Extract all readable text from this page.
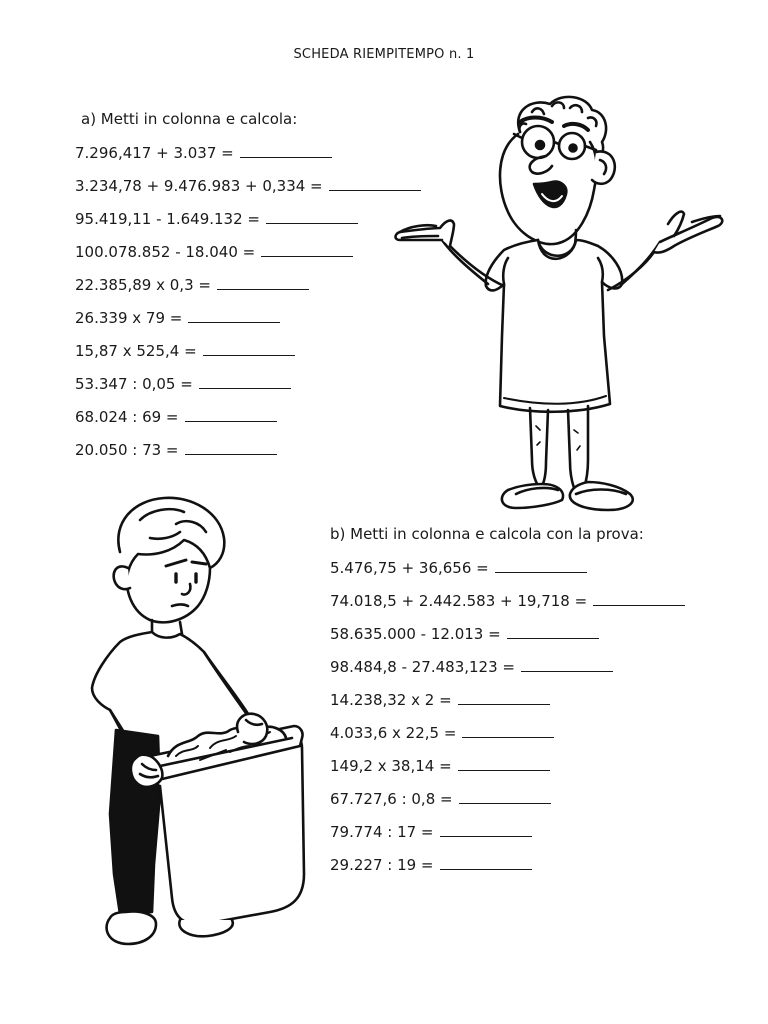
SCHEDA RIEMPITEMPO n. 1
a) Metti in colonna e calcola:
7.296,417 + 3.037 =
3.234,78 + 9.476.983 + 0,334 =
95.419,11 - 1.649.132 =
100.078.852 - 18.040 =
22.385,89 x 0,3 =
26.339 x 79 =
15,87 x 525,4 =
53.347 : 0,05 =
68.024 : 69 =
20.050 : 73 =
b) Metti in colonna e calcola con la prova:
5.476,75 + 36,656 =
74.018,5 + 2.442.583 + 19,718 =
58.635.000 - 12.013 =
98.484,8 - 27.483,123 =
14.238,32 x 2 =
4.033,6 x 22,5 =
149,2 x 38,14 =
67.727,6 : 0,8 =
79.774 : 17 =
29.227 : 19 =
